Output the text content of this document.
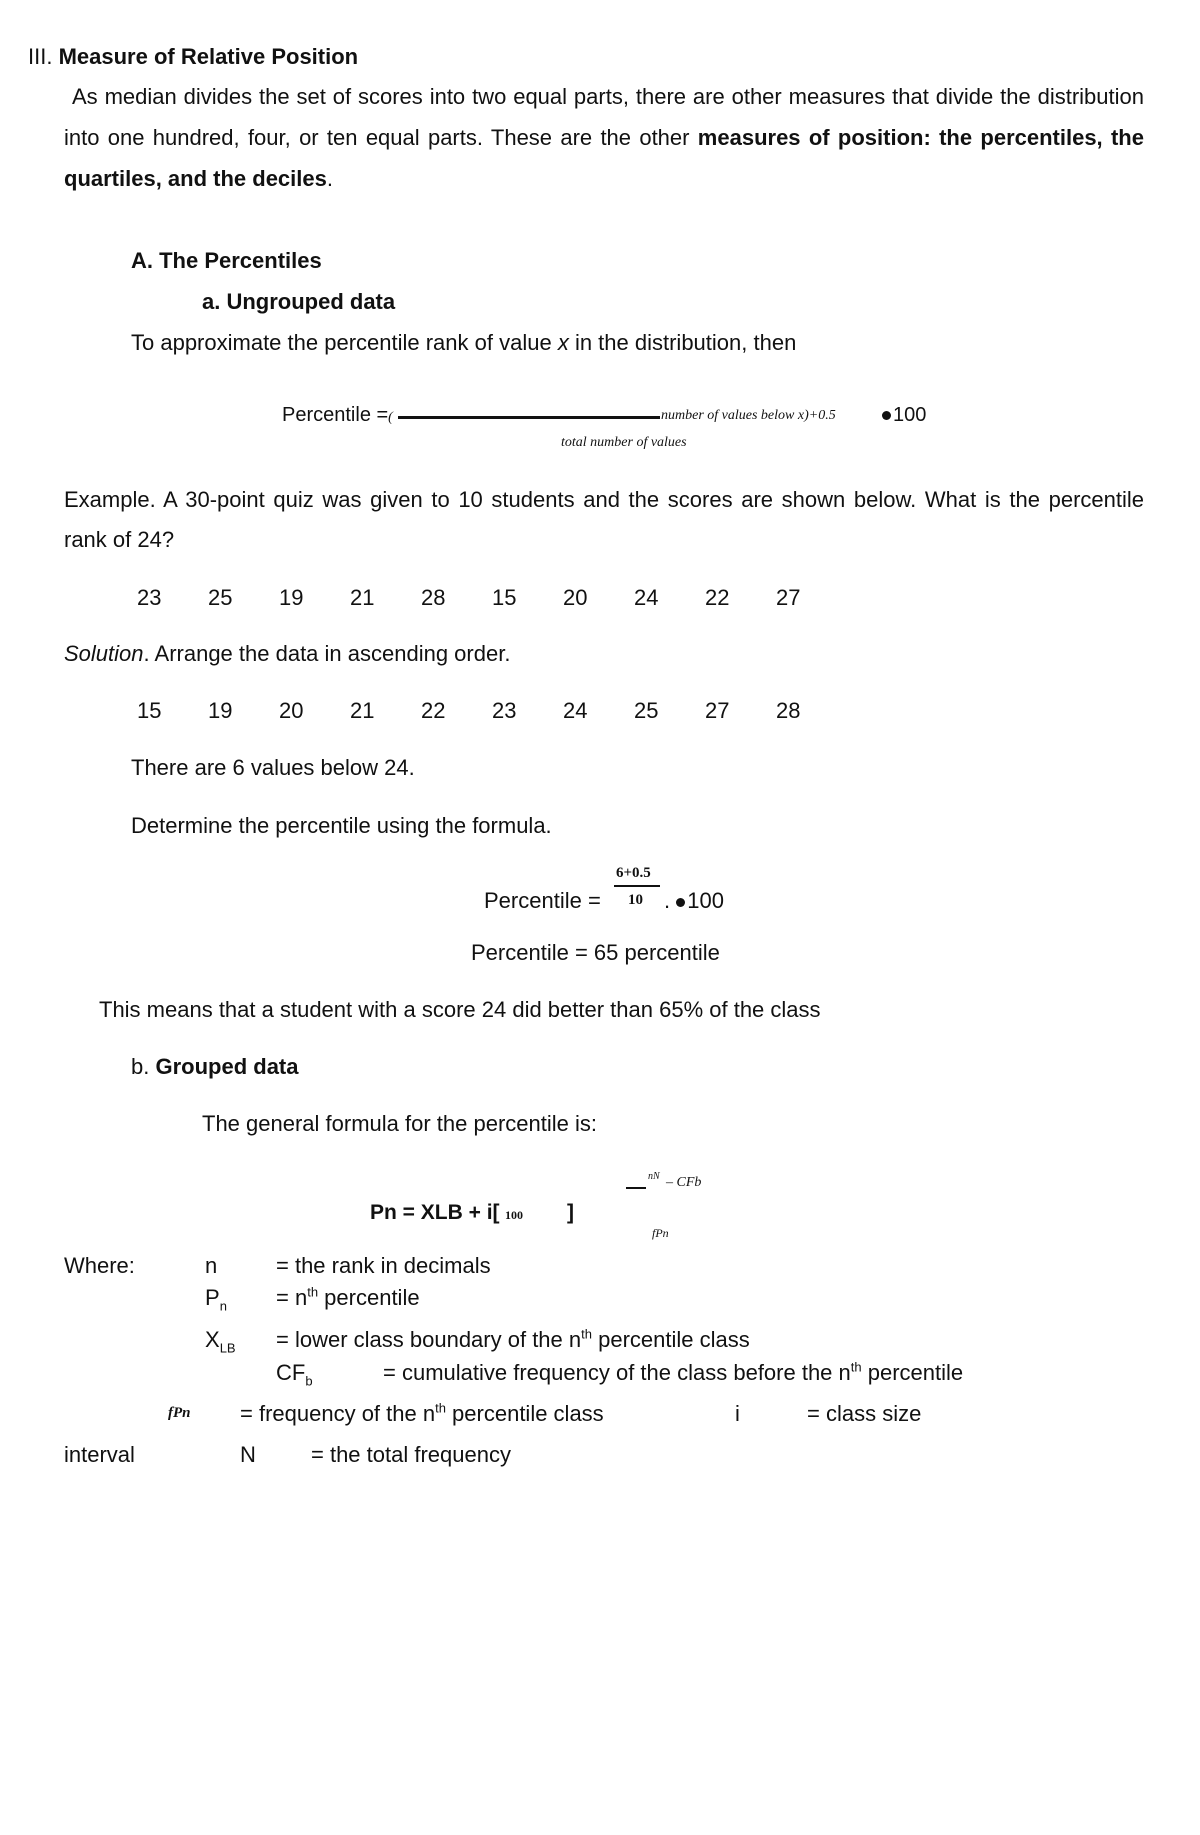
III. Measure of Relative Position
As median divides the set of scores into two equal parts, there are other measures that divide the distribution into one hundred, four, or ten equal parts. These are the other measures of position: the percentiles, the quartiles, and the deciles.
A. The Percentiles
a. Ungrouped data
To approximate the percentile rank of value x in the distribution, then
Percentile =(	number of values below x)+0.5	100
total number of values
Example. A 30-point quiz was given to 10 students and the scores are shown below. What is the percentile rank of 24?
23 25 19 21 28 15 20 24 22 27
Solution. Arrange the data in ascending order.
15 19 20 21 22 23 24 25 27 28
There are 6 values below 24.
Determine the percentile using the formula.
6+0.5
Percentile = 10 . 100
Percentile = 65 percentile
This means that a student with a score 24 did better than 65% of the class
b. Grouped data
The general formula for the percentile is:
nN – CFb
Pn = XLB + i[ 100 ]
fPn
Where:	n	= the rank in decimals
$P_n = n^{th}$ percentile
$X_{LB}$ = lower class boundary of the $n^{th}$ percentile class
$CF_b$	= cumulative frequency of the class before the $n^{th}$ percentile
fPn = frequency of the $n^{th}$ percentile class	i	= class size
interval	N	= the total frequency
